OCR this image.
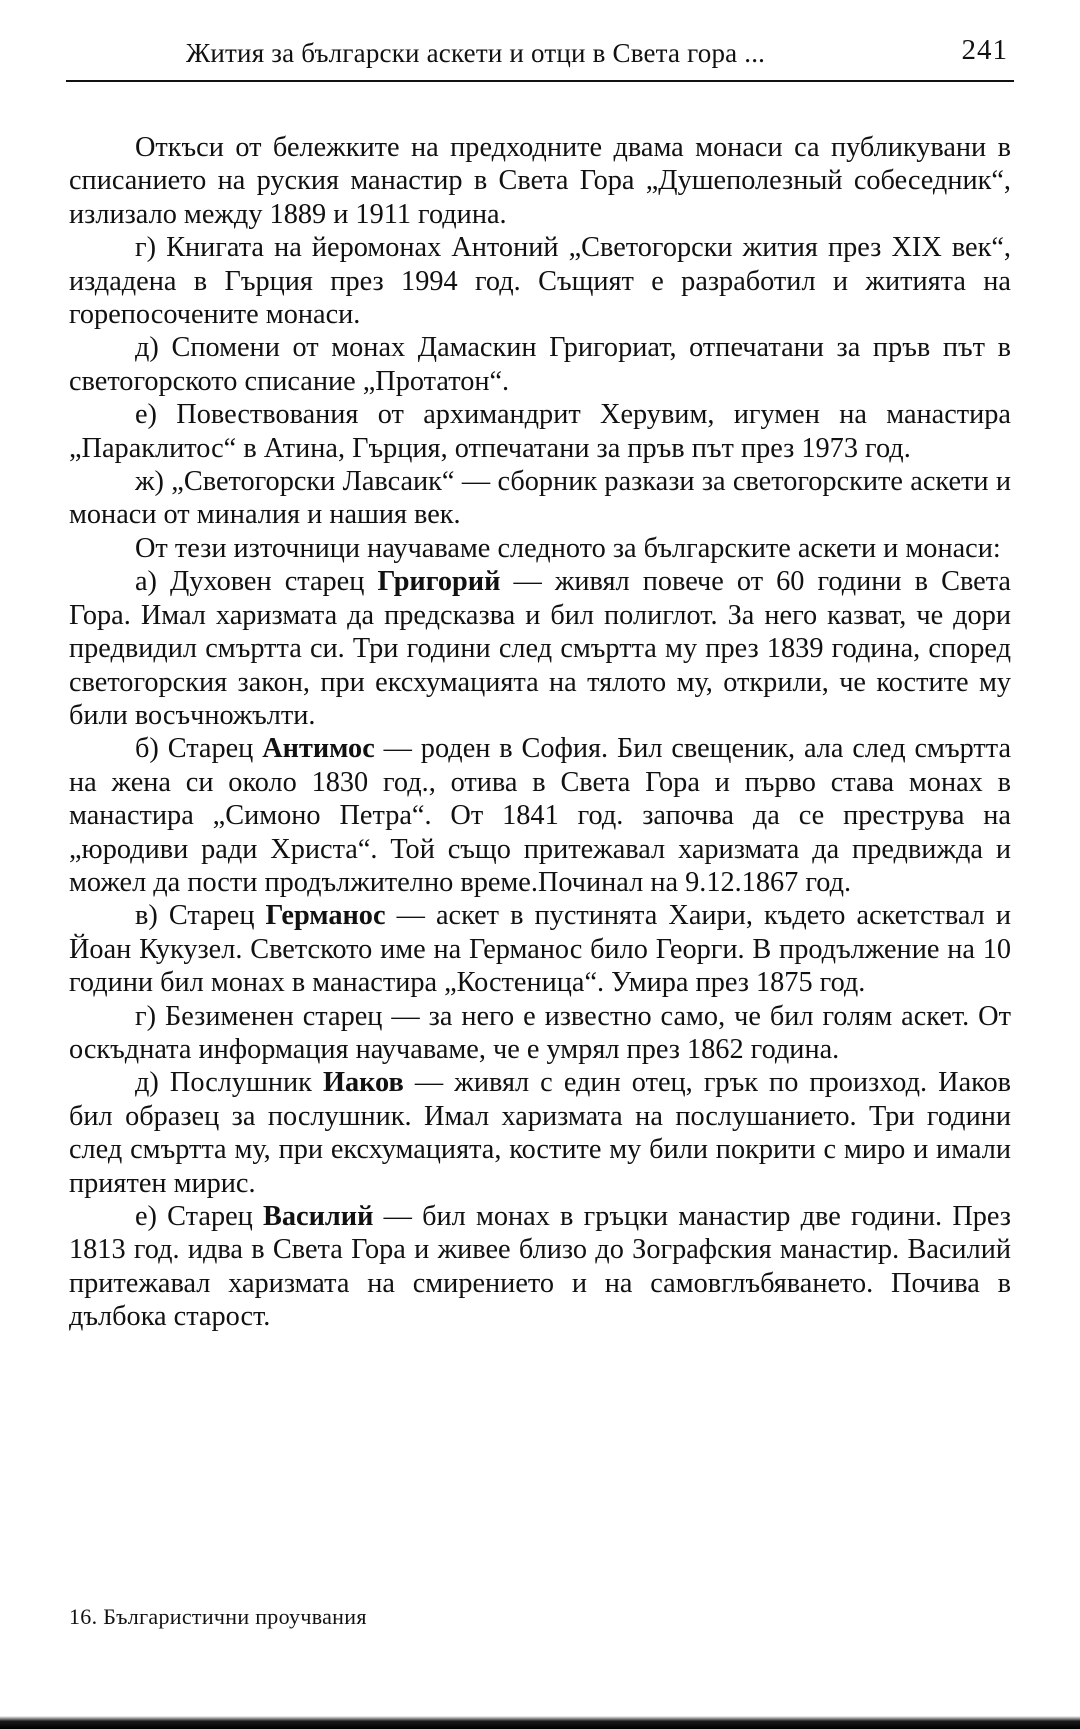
Жития за български аскети и отци в Света гора ...	241

Откъси от бележките на предходните двама монаси са публикувани в списанието на руския манастир в Света Гора „Душеполезный собеседник“, излизало между 1889 и 1911 година.

г) Книгата на йеромонах Антоний „Светогорски жития през XIX век“, издадена в Гърция през 1994 год. Същият е разработил и житията на горепосочените монаси.

д) Спомени от монах Дамаскин Григориат, отпечатани за пръв път в светогорското списание „Протатон“.

е) Повествования от архимандрит Херувим, игумен на манастира „Параклитос“ в Атина, Гърция, отпечатани за пръв път през 1973 год.

ж) „Светогорски Лавсаик“ — сборник разкази за светогорските аскети и монаси от миналия и нашия век.

От тези източници научаваме следното за българските аскети и монаси:

а) Духовен старец Григорий — живял повече от 60 години в Света Гора. Имал харизмата да предсказва и бил полиглот. За него казват, че дори предвидил смъртта си. Три години след смъртта му през 1839 година, според светогорския закон, при ексхумацията на тялото му, открили, че костите му били восъчножълти.

б) Старец Антимос — роден в София. Бил свещеник, ала след смъртта на жена си около 1830 год., отива в Света Гора и първо става монах в манастира „Симоно Петра“. От 1841 год. започва да се преструва на „юродиви ради Христа“. Той също притежавал харизмата да предвижда и можел да пости продължително време.Починал на 9.12.1867 год.

в) Старец Германос — аскет в пустинята Хаири, където аскетствал и Йоан Кукузел. Светското име на Германос било Георги. В продължение на 10 години бил монах в манастира „Костеница“. Умира през 1875 год.

г) Безименен старец — за него е известно само, че бил голям аскет. От оскъдната информация научаваме, че е умрял през 1862 година.

д) Послушник Иаков — живял с един отец, грък по произход. Иаков бил образец за послушник. Имал харизмата на послушанието. Три години след смъртта му, при ексхумацията, костите му били покрити с миро и имали приятен мирис.

е) Старец Василий — бил монах в гръцки манастир две години. През 1813 год. идва в Света Гора и живее близо до Зографския манастир. Василий притежавал харизмата на смирението и на самовглъбяването. Почива в дълбока старост.

16. Българистични проучвания
